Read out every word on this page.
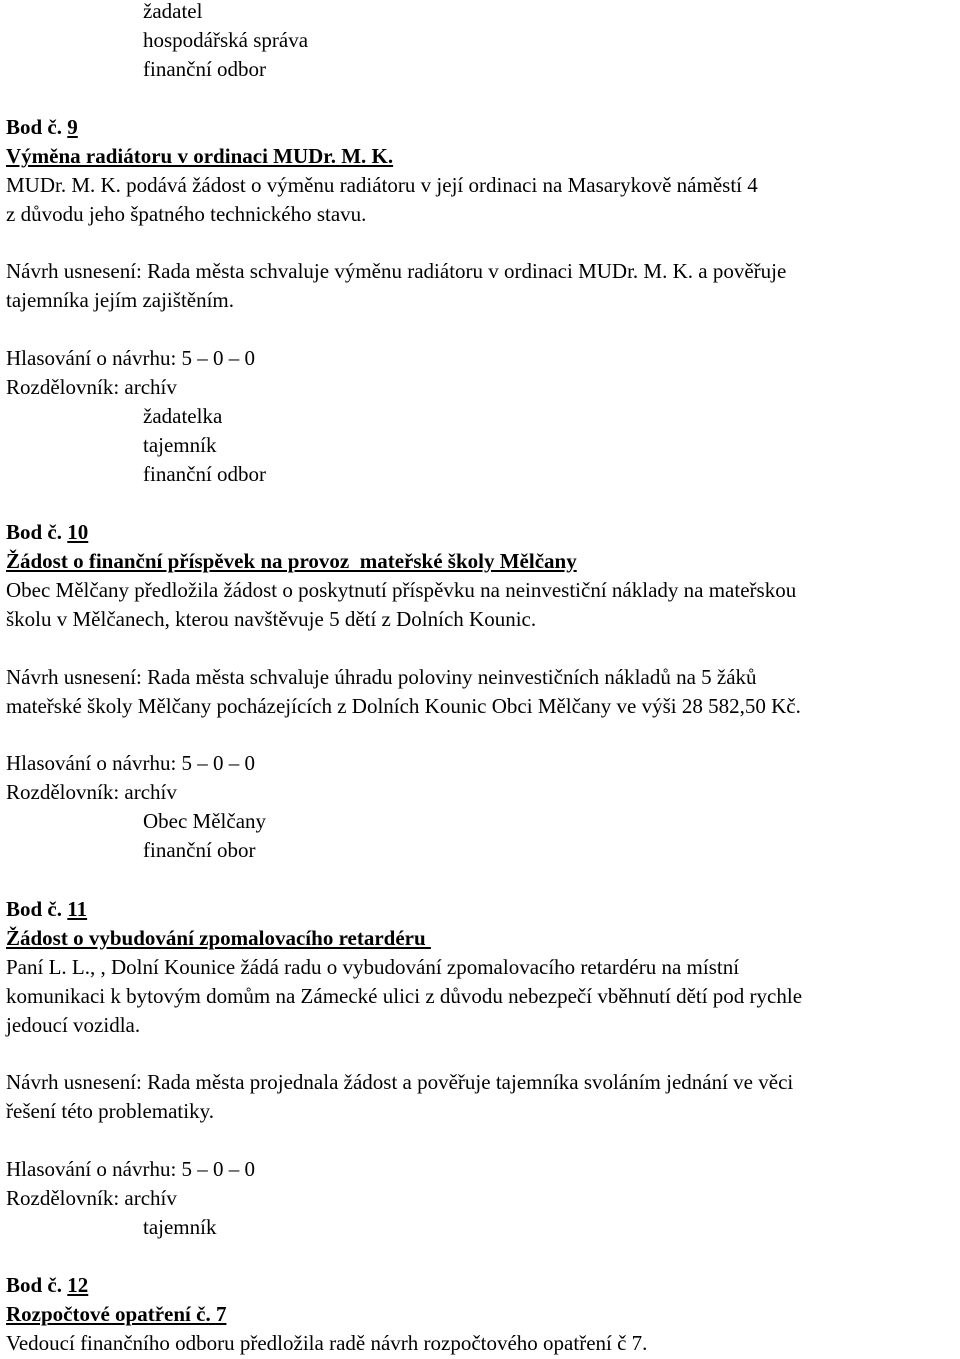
žadatel
hospodářská správa
finanční odbor
Bod č. 9
Výměna radiátoru v ordinaci MUDr. M. K.
MUDr. M. K. podává žádost o výměnu radiátoru v její ordinaci na Masarykově náměstí 4
z důvodu jeho špatného technického stavu.
Návrh usnesení: Rada města schvaluje výměnu radiátoru v ordinaci MUDr. M. K. a pověřuje
tajemníka jejím zajištěním.
Hlasování o návrhu: 5 – 0 – 0
Rozdělovník: archív
žadatelka
tajemník
finanční odbor
Bod č. 10
Žádost o finanční příspěvek na provoz  mateřské školy Mělčany
Obec Mělčany předložila žádost o poskytnutí příspěvku na neinvestiční náklady na mateřskou
školu v Mělčanech, kterou navštěvuje 5 dětí z Dolních Kounic.
Návrh usnesení: Rada města schvaluje úhradu poloviny neinvestičních nákladů na 5 žáků
mateřské školy Mělčany pocházejících z Dolních Kounic Obci Mělčany ve výši 28 582,50 Kč.
Hlasování o návrhu: 5 – 0 – 0
Rozdělovník: archív
Obec Mělčany
finanční obor
Bod č. 11
Žádost o vybudování zpomalovacího retardéru
Paní L. L., , Dolní Kounice žádá radu o vybudování zpomalovacího retardéru na místní
komunikaci k bytovým domům na Zámecké ulici z důvodu nebezpečí vběhnutí dětí pod rychle
jedoucí vozidla.
Návrh usnesení: Rada města projednala žádost a pověřuje tajemníka svoláním jednání ve věci
řešení této problematiky.
Hlasování o návrhu: 5 – 0 – 0
Rozdělovník: archív
tajemník
Bod č. 12
Rozpočtové opatření č. 7
Vedoucí finančního odboru předložila radě návrh rozpočtového opatření č 7.
